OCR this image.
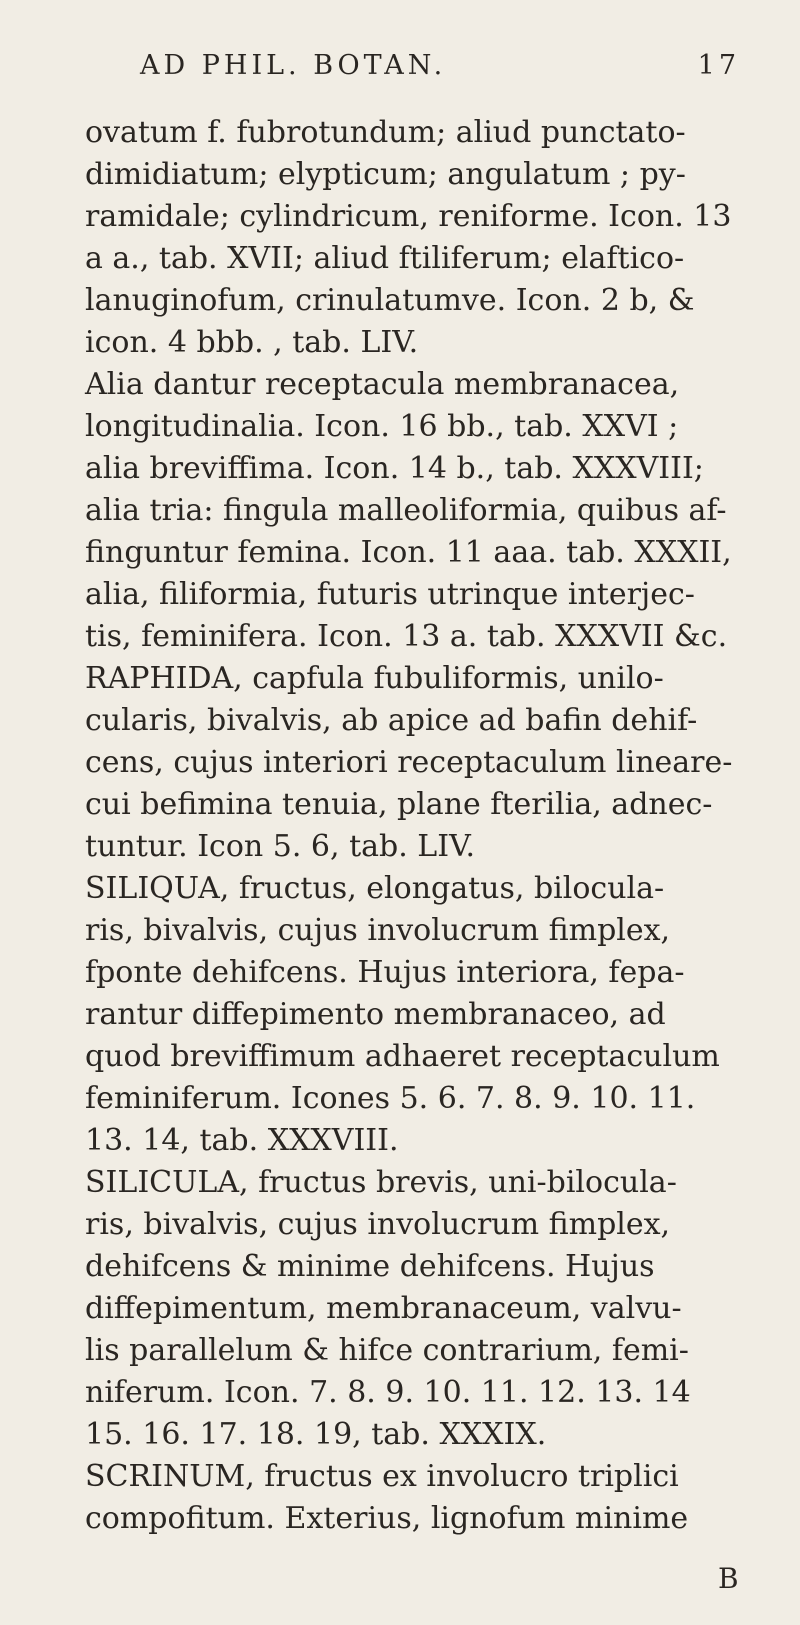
AD PHIL. BOTAN.	17
ovatum f. fubrotundum; aliud punctato-
dimidiatum; elypticum; angulatum ; py-
ramidale; cylindricum, reniforme. Icon. 13
a a., tab. XVII; aliud ftiliferum; elaftico-
lanuginofum, crinulatumve. Icon. 2 b, &
icon. 4 bbb. , tab. LIV.
Alia dantur receptacula membranacea,
longitudinalia. Icon. 16 bb., tab. XXVI ;
alia breviffima. Icon. 14 b., tab. XXXVIII;
alia tria: fingula malleoliformia, quibus af-
finguntur femina. Icon. 11 aaa. tab. XXXII,
alia, filiformia, futuris utrinque interjec-
tis, feminifera. Icon. 13 a. tab. XXXVII &c.
RAPHIDA, capfula fubuliformis, unilo-
cularis, bivalvis, ab apice ad bafin dehif-
cens, cujus interiori receptaculum lineare-
cui befimina tenuia, plane fterilia, adnec-
tuntur. Icon 5. 6, tab. LIV.
SILIQUA, fructus, elongatus, bilocula-
ris, bivalvis, cujus involucrum fimplex,
fponte dehifcens. Hujus interiora, fepa-
rantur diffepimento membranaceo, ad
quod breviffimum adhaeret receptaculum
feminiferum. Icones 5. 6. 7. 8. 9. 10. 11.
13. 14, tab. XXXVIII.
SILICULA, fructus brevis, uni-bilocula-
ris, bivalvis, cujus involucrum fimplex,
dehifcens & minime dehifcens. Hujus
diffepimentum, membranaceum, valvu-
lis parallelum & hifce contrarium, femi-
niferum. Icon. 7. 8. 9. 10. 11. 12. 13. 14
15. 16. 17. 18. 19, tab. XXXIX.
SCRINUM, fructus ex involucro triplici
compofitum. Exterius, lignofum minime
B
